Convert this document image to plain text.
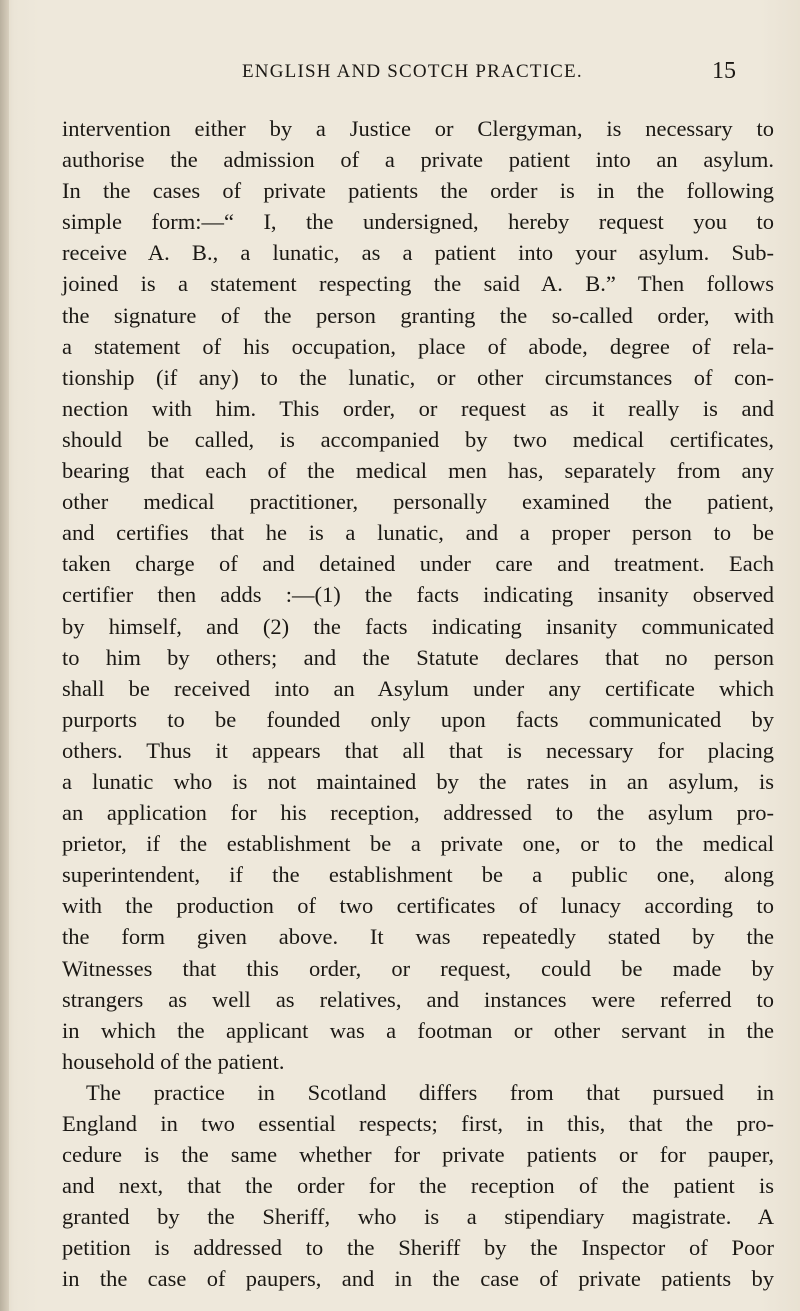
ENGLISH AND SCOTCH PRACTICE.	15
intervention either by a Justice or Clergyman, is necessary to
authorise the admission of a private patient into an asylum.
In the cases of private patients the order is in the following
simple form:—“ I, the undersigned, hereby request you to
receive A. B., a lunatic, as a patient into your asylum. Sub-
joined is a statement respecting the said A. B.” Then follows
the signature of the person granting the so-called order, with
a statement of his occupation, place of abode, degree of rela-
tionship (if any) to the lunatic, or other circumstances of con-
nection with him. This order, or request as it really is and
should be called, is accompanied by two medical certificates,
bearing that each of the medical men has, separately from any
other medical practitioner, personally examined the patient,
and certifies that he is a lunatic, and a proper person to be
taken charge of and detained under care and treatment. Each
certifier then adds :—(1) the facts indicating insanity observed
by himself, and (2) the facts indicating insanity communicated
to him by others; and the Statute declares that no person
shall be received into an Asylum under any certificate which
purports to be founded only upon facts communicated by
others. Thus it appears that all that is necessary for placing
a lunatic who is not maintained by the rates in an asylum, is
an application for his reception, addressed to the asylum pro-
prietor, if the establishment be a private one, or to the medical
superintendent, if the establishment be a public one, along
with the production of two certificates of lunacy according to
the form given above. It was repeatedly stated by the
Witnesses that this order, or request, could be made by
strangers as well as relatives, and instances were referred to
in which the applicant was a footman or other servant in the
household of the patient.
The practice in Scotland differs from that pursued in
England in two essential respects; first, in this, that the pro-
cedure is the same whether for private patients or for pauper,
and next, that the order for the reception of the patient is
granted by the Sheriff, who is a stipendiary magistrate. A
petition is addressed to the Sheriff by the Inspector of Poor
in the case of paupers, and in the case of private patients by
